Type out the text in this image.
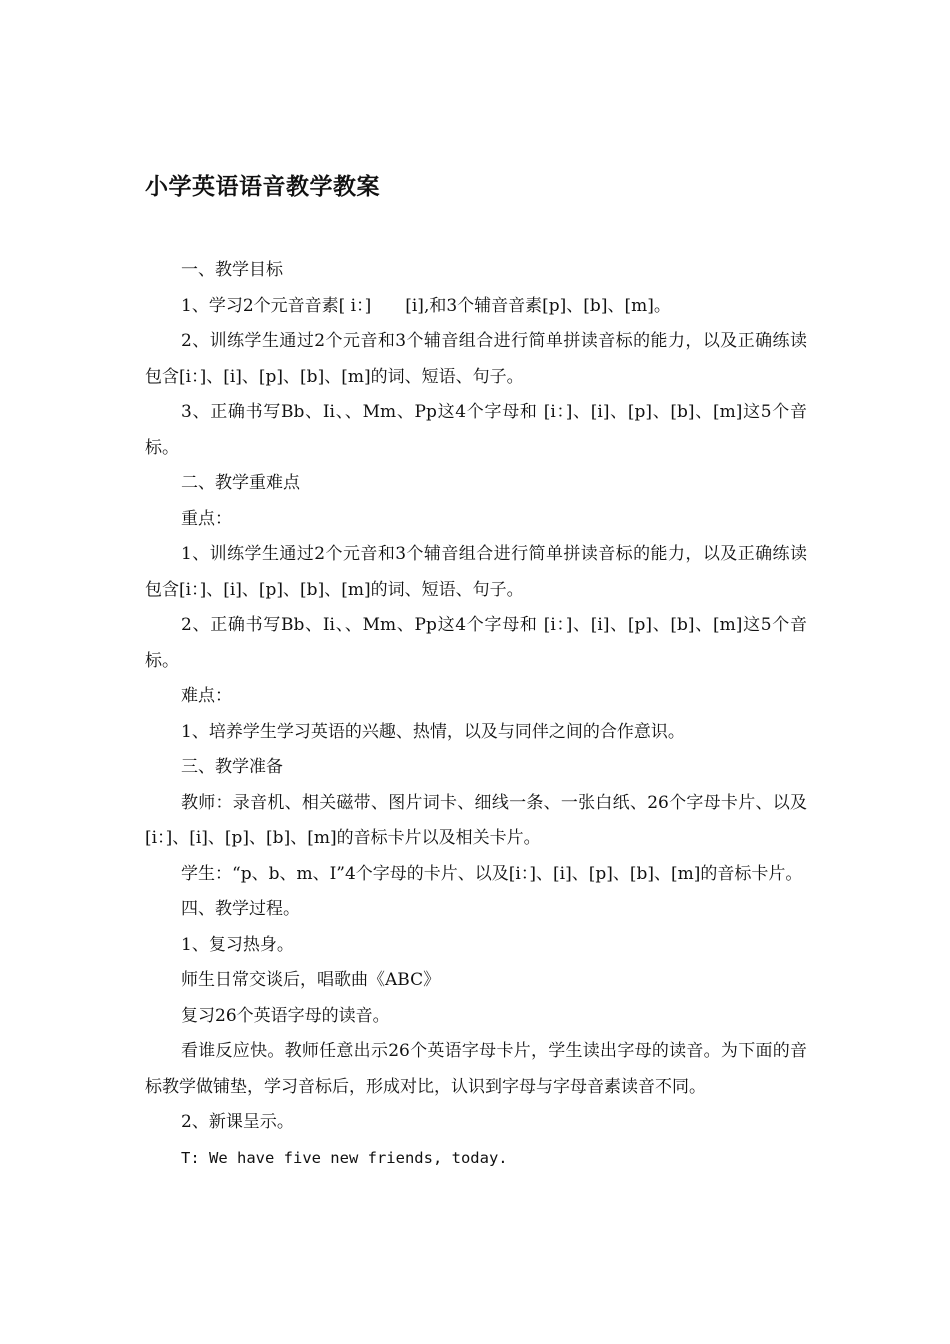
小学英语语音教学教案

一、教学目标

1、学习2个元音音素[ i：]　　[i],和3个辅音音素[p]、[b]、[m]。

2、训练学生通过2个元音和3个辅音组合进行简单拼读音标的能力，以及正确练读包含[i：]、[i]、[p]、[b]、[m]的词、短语、句子。

3、正确书写Bb、Ii、、Mm、Pp这4个字母和 [i：]、[i]、[p]、[b]、[m]这5个音标。

二、教学重难点

重点：

1、训练学生通过2个元音和3个辅音组合进行简单拼读音标的能力，以及正确练读包含[i：]、[i]、[p]、[b]、[m]的词、短语、句子。

2、正确书写Bb、Ii、、Mm、Pp这4个字母和 [i：]、[i]、[p]、[b]、[m]这5个音标。

难点：

1、培养学生学习英语的兴趣、热情，以及与同伴之间的合作意识。

三、教学准备

教师：录音机、相关磁带、图片词卡、细线一条、一张白纸、26个字母卡片、以及[i：]、[i]、[p]、[b]、[m]的音标卡片以及相关卡片。

学生：“p、b、m、I”4个字母的卡片、以及[i：]、[i]、[p]、[b]、[m]的音标卡片。

四、教学过程。

1、复习热身。

师生日常交谈后，唱歌曲《ABC》

复习26个英语字母的读音。

看谁反应快。教师任意出示26个英语字母卡片，学生读出字母的读音。为下面的音标教学做铺垫，学习音标后，形成对比，认识到字母与字母音素读音不同。

2、新课呈示。

T: We have five new friends, today.
